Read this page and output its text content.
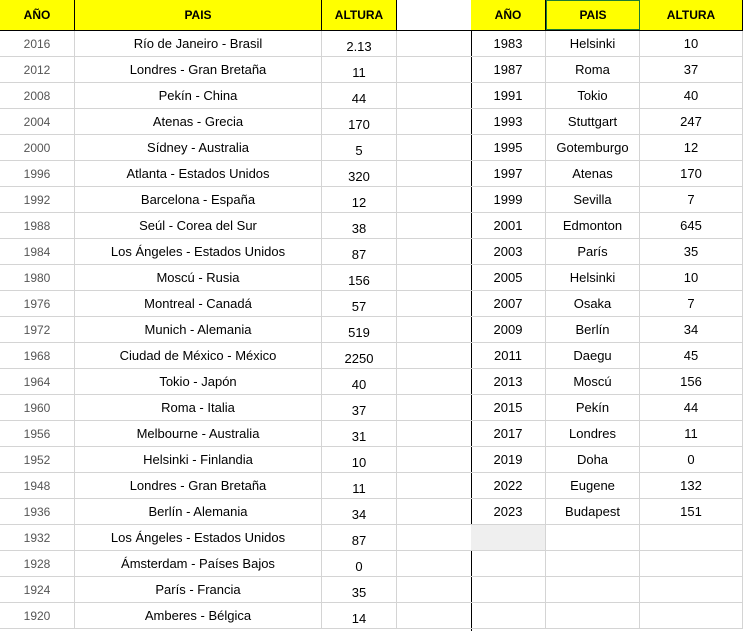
AÑO	PAIS	ALTURA
2016	Río de Janeiro - Brasil	2.13
2012	Londres - Gran Bretaña	11
2008	Pekín - China	44
2004	Atenas - Grecia	170
2000	Sídney - Australia	5
1996	Atlanta - Estados Unidos	320
1992	Barcelona - España	12
1988	Seúl - Corea del Sur	38
1984	Los Ángeles - Estados Unidos	87
1980	Moscú - Rusia	156
1976	Montreal - Canadá	57
1972	Munich - Alemania	519
1968	Ciudad de México - México	2250
1964	Tokio - Japón	40
1960	Roma - Italia	37
1956	Melbourne - Australia	31
1952	Helsinki - Finlandia	10
1948	Londres - Gran Bretaña	11
1936	Berlín - Alemania	34
1932	Los Ángeles - Estados Unidos	87
1928	Ámsterdam - Países Bajos	0
1924	París - Francia	35
1920	Amberes - Bélgica	14
AÑO	PAIS	ALTURA
1983	Helsinki	10
1987	Roma	37
1991	Tokio	40
1993	Stuttgart	247
1995	Gotemburgo	12
1997	Atenas	170
1999	Sevilla	7
2001	Edmonton	645
2003	París	35
2005	Helsinki	10
2007	Osaka	7
2009	Berlín	34
2011	Daegu	45
2013	Moscú	156
2015	Pekín	44
2017	Londres	11
2019	Doha	0
2022	Eugene	132
2023	Budapest	151
